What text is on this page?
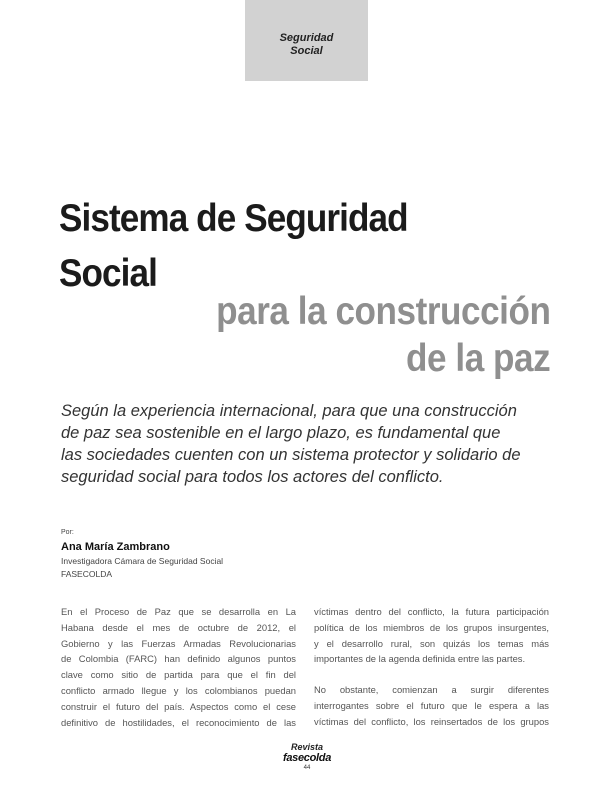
Seguridad
Social
Sistema de Seguridad
Social
para la construcción
de la paz
Según la experiencia internacional, para que una construcción
de paz sea sostenible en el largo plazo, es fundamental que
las sociedades cuenten con un sistema protector y solidario de
seguridad social para todos los actores del conflicto.
Por:
Ana María Zambrano
Investigadora Cámara de Seguridad Social
FASECOLDA
En el Proceso de Paz que se desarrolla en La
Habana desde el mes de octubre de 2012, el
Gobierno y las Fuerzas Armadas Revolucionarias
de Colombia (FARC) han definido algunos puntos
clave como sitio de partida para que el fin del
conflicto armado llegue y los colombianos puedan
construir el futuro del país. Aspectos como el cese
definitivo de hostilidades, el reconocimiento de las
víctimas dentro del conflicto, la futura participación
política de los miembros de los grupos insurgentes,
y el desarrollo rural, son quizás los temas más
importantes de la agenda definida entre las partes.
No obstante, comienzan a surgir diferentes
interrogantes sobre el futuro que le espera a las
víctimas del conflicto, los reinsertados de los grupos
Revista
fasecolda
44
